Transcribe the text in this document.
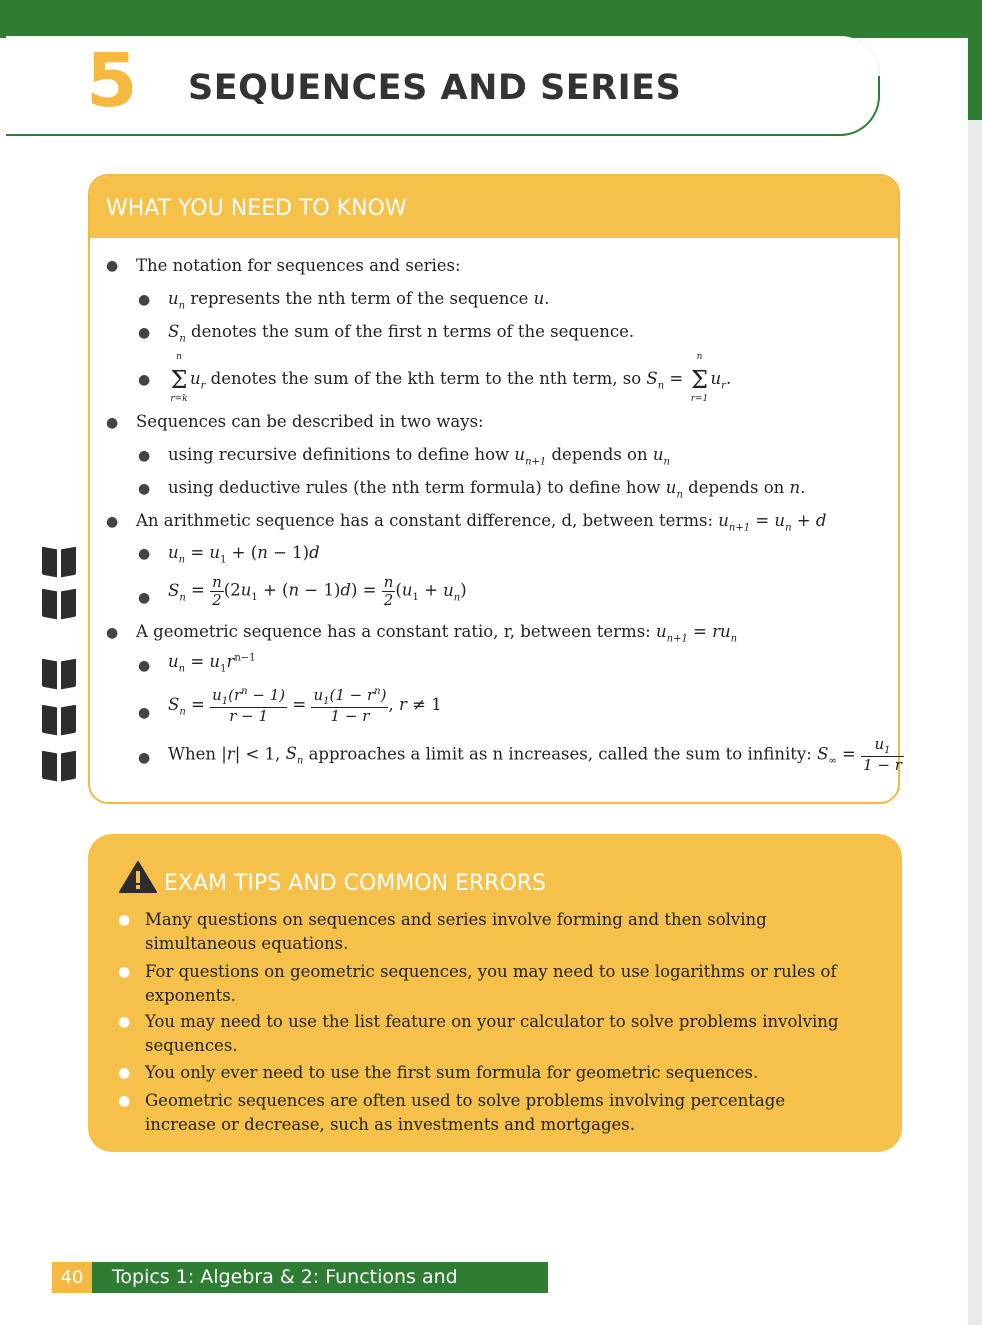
5 SEQUENCES AND SERIES
WHAT YOU NEED TO KNOW
● The notation for sequences and series:
● $u_n$ represents the nth term of the sequence u.
● $S_n$ denotes the sum of the first n terms of the sequence.
● Σ
n
r=k
$u_r$ denotes the sum of the kth term to the nth term, so $S_n = \Sigma$
n
r=1
$u_r$.
● Sequences can be described in two ways:
● using recursive definitions to define how $u_{n+1}$ depends on $u_n$
● using deductive rules (the nth term formula) to define how $u_n$ depends on n.
● An arithmetic sequence has a constant difference, d, between terms: $u_{n+1} = u_n + d$
● $u_n = u_1 + (n - 1)d$
● $S_n = \frac{n}{2} (2u_1 + (n - 1)d) = \frac{n}{2} (u_1 + u_n)$
● A geometric sequence has a constant ratio, r, between terms: $u_{n+1} = ru_n$
● $u_n = u_1r^{n-1}$
● $S_n = \frac{u_1(r^n - 1)}{r - 1} = \frac{u_1(1 - r^n)}{1 - r}$ , r ≠ 1
● When |r| < 1, $S_n$ approaches a limit as n increases, called the sum to infinity: $S_\infty = \frac{u_1}{1 - r}$
EXAM TIPS AND COMMON ERRORS
● Many questions on sequences and series involve forming and then solving simultaneous equations.
● For questions on geometric sequences, you may need to use logarithms or rules of exponents.
● You may need to use the list feature on your calculator to solve problems involving sequences.
● You only ever need to use the first sum formula for geometric sequences.
● Geometric sequences are often used to solve problems involving percentage increase or decrease, such as investments and mortgages.
40	Topics 1: Algebra & 2: Functions and equations
